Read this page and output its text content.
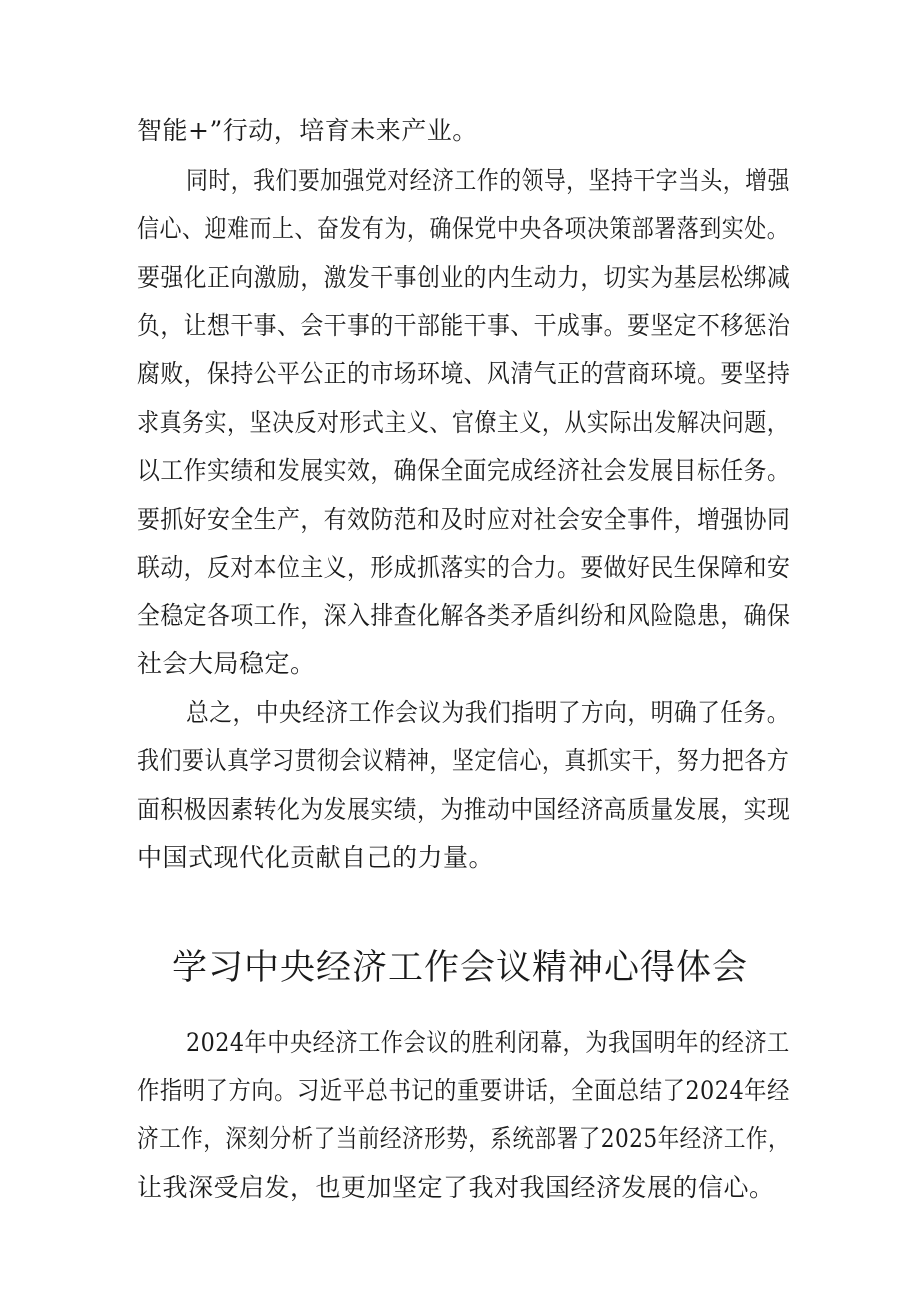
智能+”行动，培育未来产业。
同时，我们要加强党对经济工作的领导，坚持干字当头，增强
信心、迎难而上、奋发有为，确保党中央各项决策部署落到实处。
要强化正向激励，激发干事创业的内生动力，切实为基层松绑减
负，让想干事、会干事的干部能干事、干成事。要坚定不移惩治
腐败，保持公平公正的市场环境、风清气正的营商环境。要坚持
求真务实，坚决反对形式主义、官僚主义，从实际出发解决问题，
以工作实绩和发展实效，确保全面完成经济社会发展目标任务。
要抓好安全生产，有效防范和及时应对社会安全事件，增强协同
联动，反对本位主义，形成抓落实的合力。要做好民生保障和安
全稳定各项工作，深入排查化解各类矛盾纠纷和风险隐患，确保
社会大局稳定。
总之，中央经济工作会议为我们指明了方向，明确了任务。
我们要认真学习贯彻会议精神，坚定信心，真抓实干，努力把各方
面积极因素转化为发展实绩，为推动中国经济高质量发展，实现
中国式现代化贡献自己的力量。
学习中央经济工作会议精神心得体会
2024年中央经济工作会议的胜利闭幕，为我国明年的经济工
作指明了方向。习近平总书记的重要讲话，全面总结了2024年经
济工作，深刻分析了当前经济形势，系统部署了2025年经济工作，
让我深受启发，也更加坚定了我对我国经济发展的信心。
